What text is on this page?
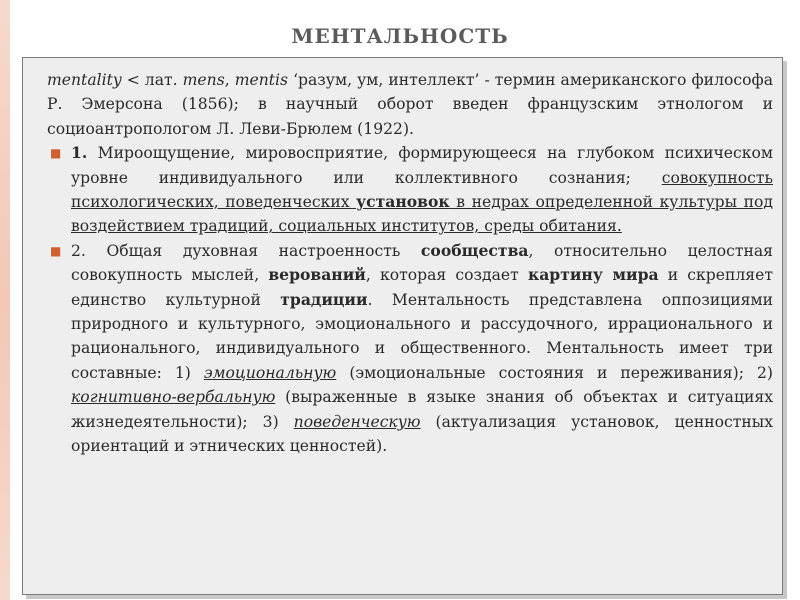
МЕНТАЛЬНОСТЬ

mentality < лат. mens, mentis ‘разум, ум, интеллект’ - термин американского философа Р. Эмерсона (1856); в научный оборот введен французским этнологом и социоантропологом Л. Леви-Брюлем (1922).

■ 1. Мироощущение, мировосприятие, формирующееся на глубоком психическом уровне индивидуального или коллективного сознания; совокупность психологических, поведенческих установок в недрах определенной культуры под воздействием традиций, социальных институтов, среды обитания.

■ 2. Общая духовная настроенность сообщества, относительно целостная совокупность мыслей, верований, которая создает картину мира и скрепляет единство культурной традиции. Ментальность представлена оппозициями природного и культурного, эмоционального и рассудочного, иррационального и рационального, индивидуального и общественного. Ментальность имеет три составные: 1) эмоциональную (эмоциональные состояния и переживания); 2) когнитивно-вербальную (выраженные в языке знания об объектах и ситуациях жизнедеятельности); 3) поведенческую (актуализация установок, ценностных ориентаций и этнических ценностей).
